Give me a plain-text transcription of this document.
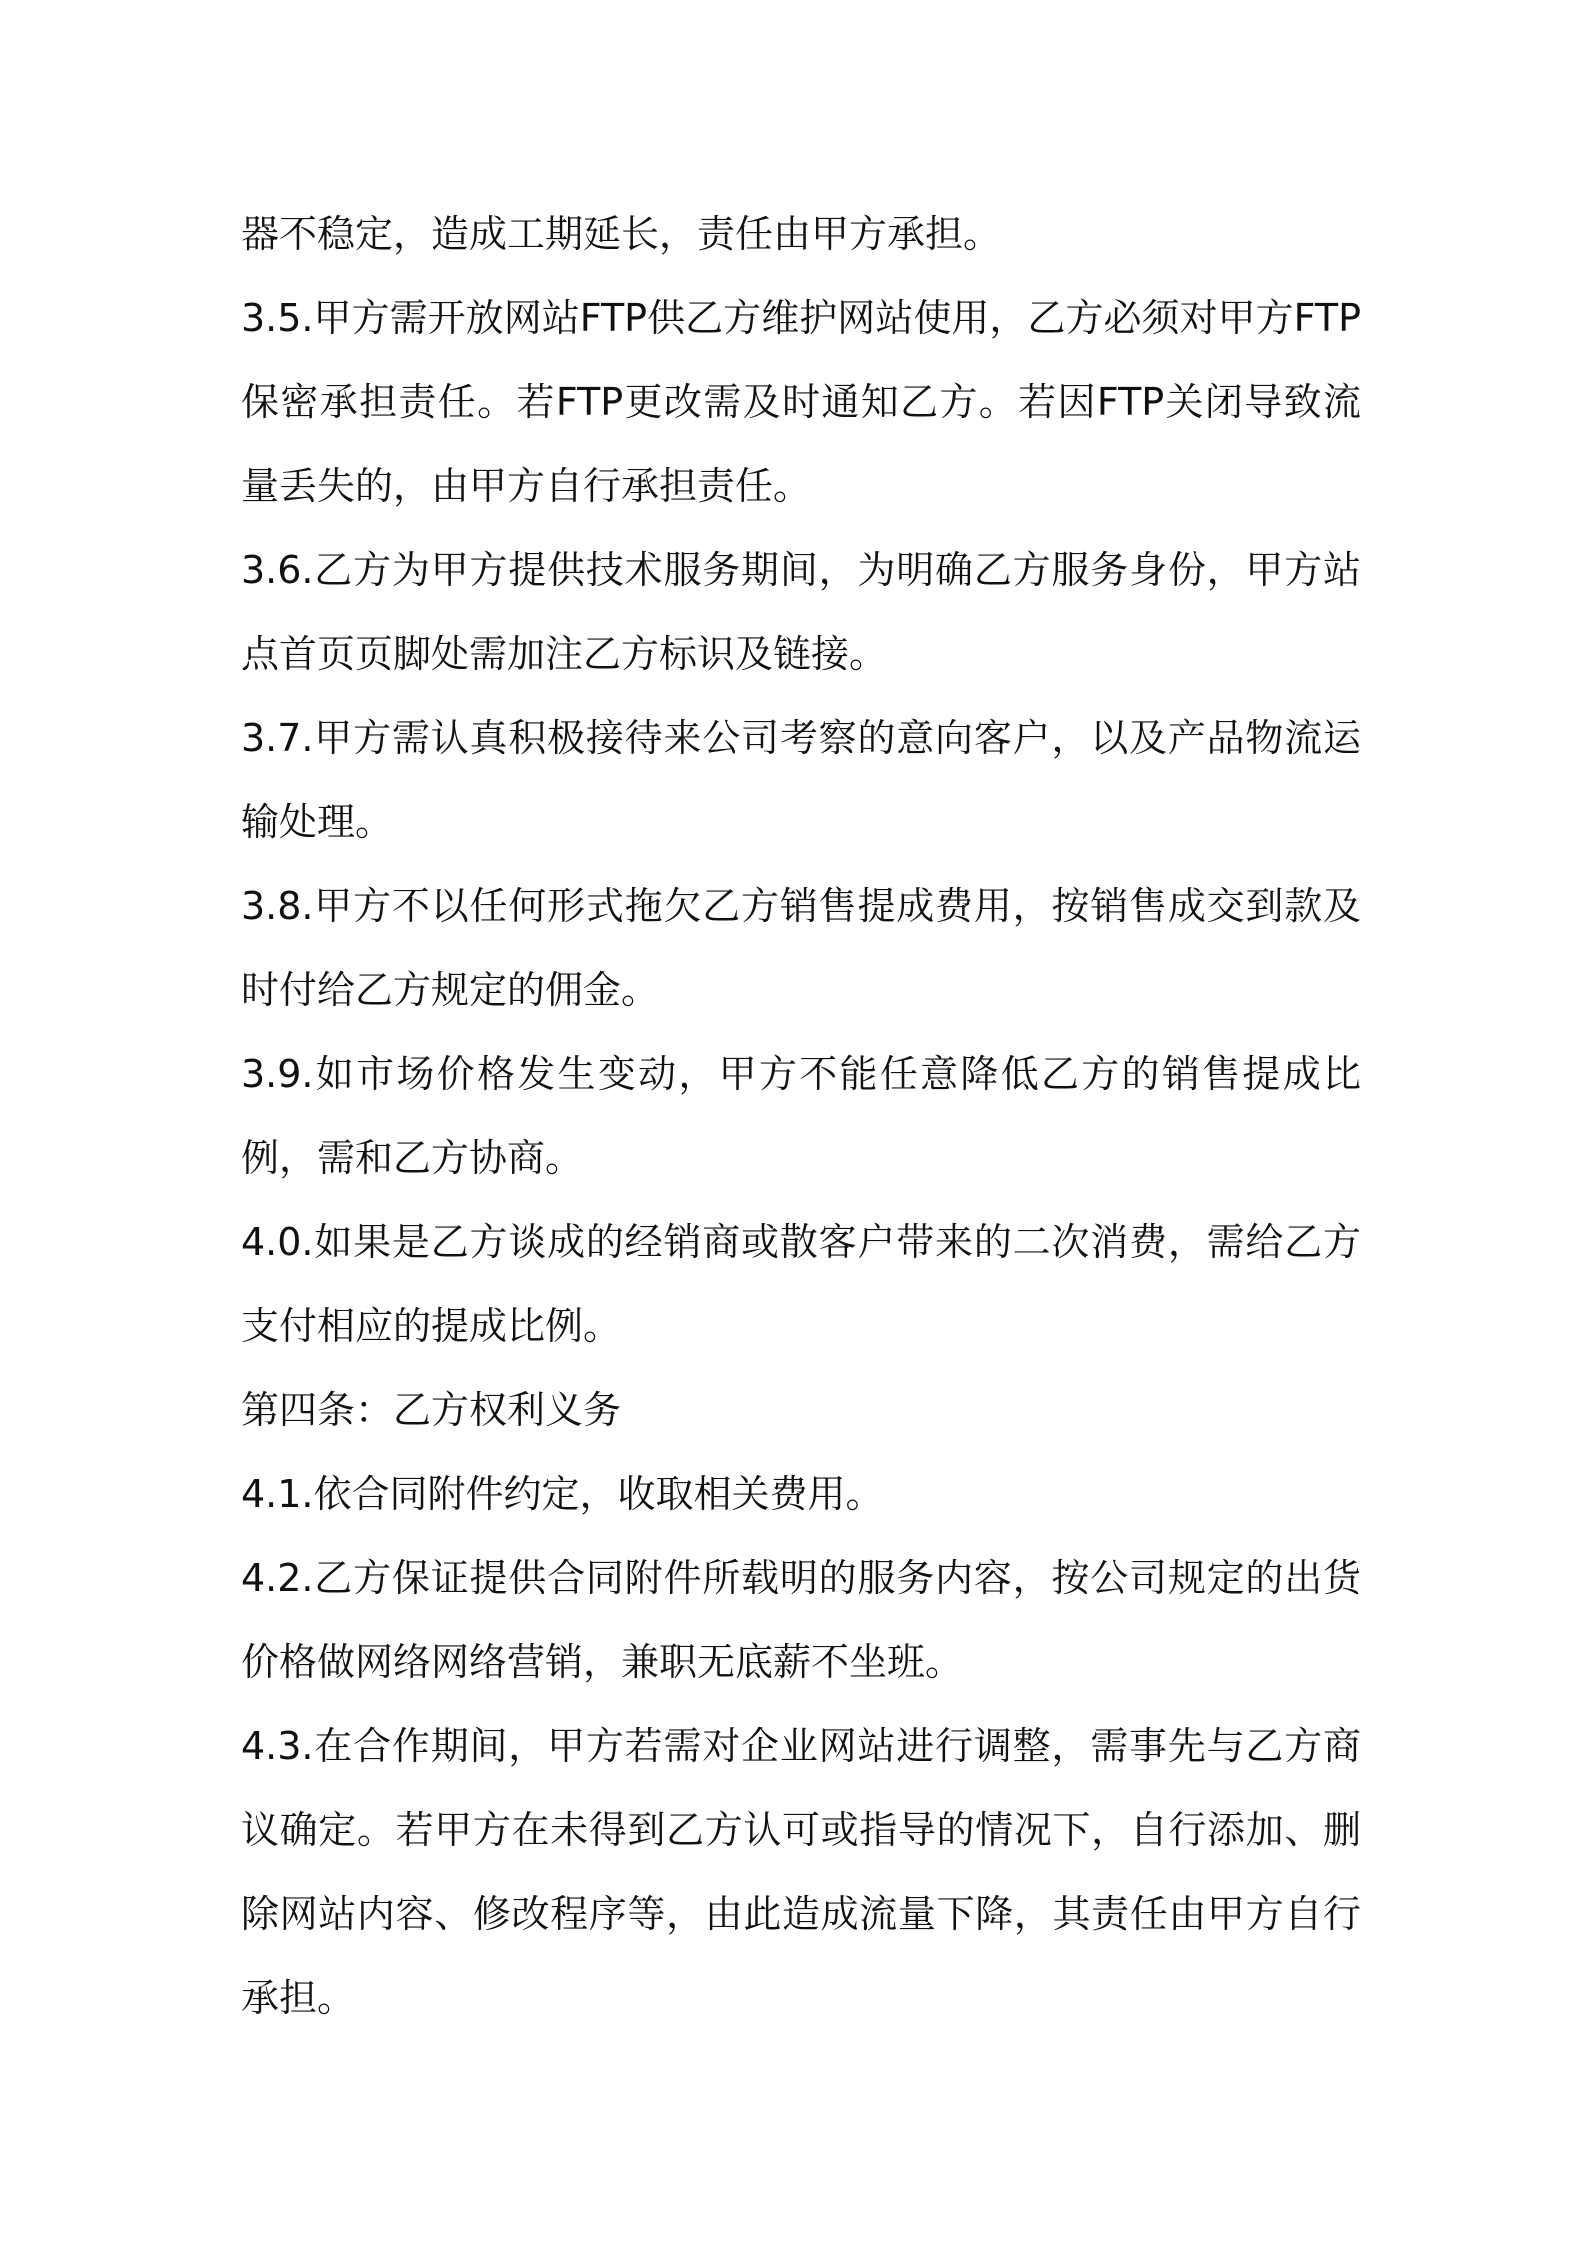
器不稳定，造成工期延长，责任由甲方承担。

3.5.甲方需开放网站FTP供乙方维护网站使用，乙方必须对甲方FTP保密承担责任。若FTP更改需及时通知乙方。若因FTP关闭导致流量丢失的，由甲方自行承担责任。

3.6.乙方为甲方提供技术服务期间，为明确乙方服务身份，甲方站点首页页脚处需加注乙方标识及链接。

3.7.甲方需认真积极接待来公司考察的意向客户，以及产品物流运输处理。

3.8.甲方不以任何形式拖欠乙方销售提成费用，按销售成交到款及时付给乙方规定的佣金。

3.9.如市场价格发生变动，甲方不能任意降低乙方的销售提成比例，需和乙方协商。

4.0.如果是乙方谈成的经销商或散客户带来的二次消费，需给乙方支付相应的提成比例。

第四条：乙方权利义务

4.1.依合同附件约定，收取相关费用。

4.2.乙方保证提供合同附件所载明的服务内容，按公司规定的出货价格做网络网络营销，兼职无底薪不坐班。

4.3.在合作期间，甲方若需对企业网站进行调整，需事先与乙方商议确定。若甲方在未得到乙方认可或指导的情况下，自行添加、删除网站内容、修改程序等，由此造成流量下降，其责任由甲方自行承担。
